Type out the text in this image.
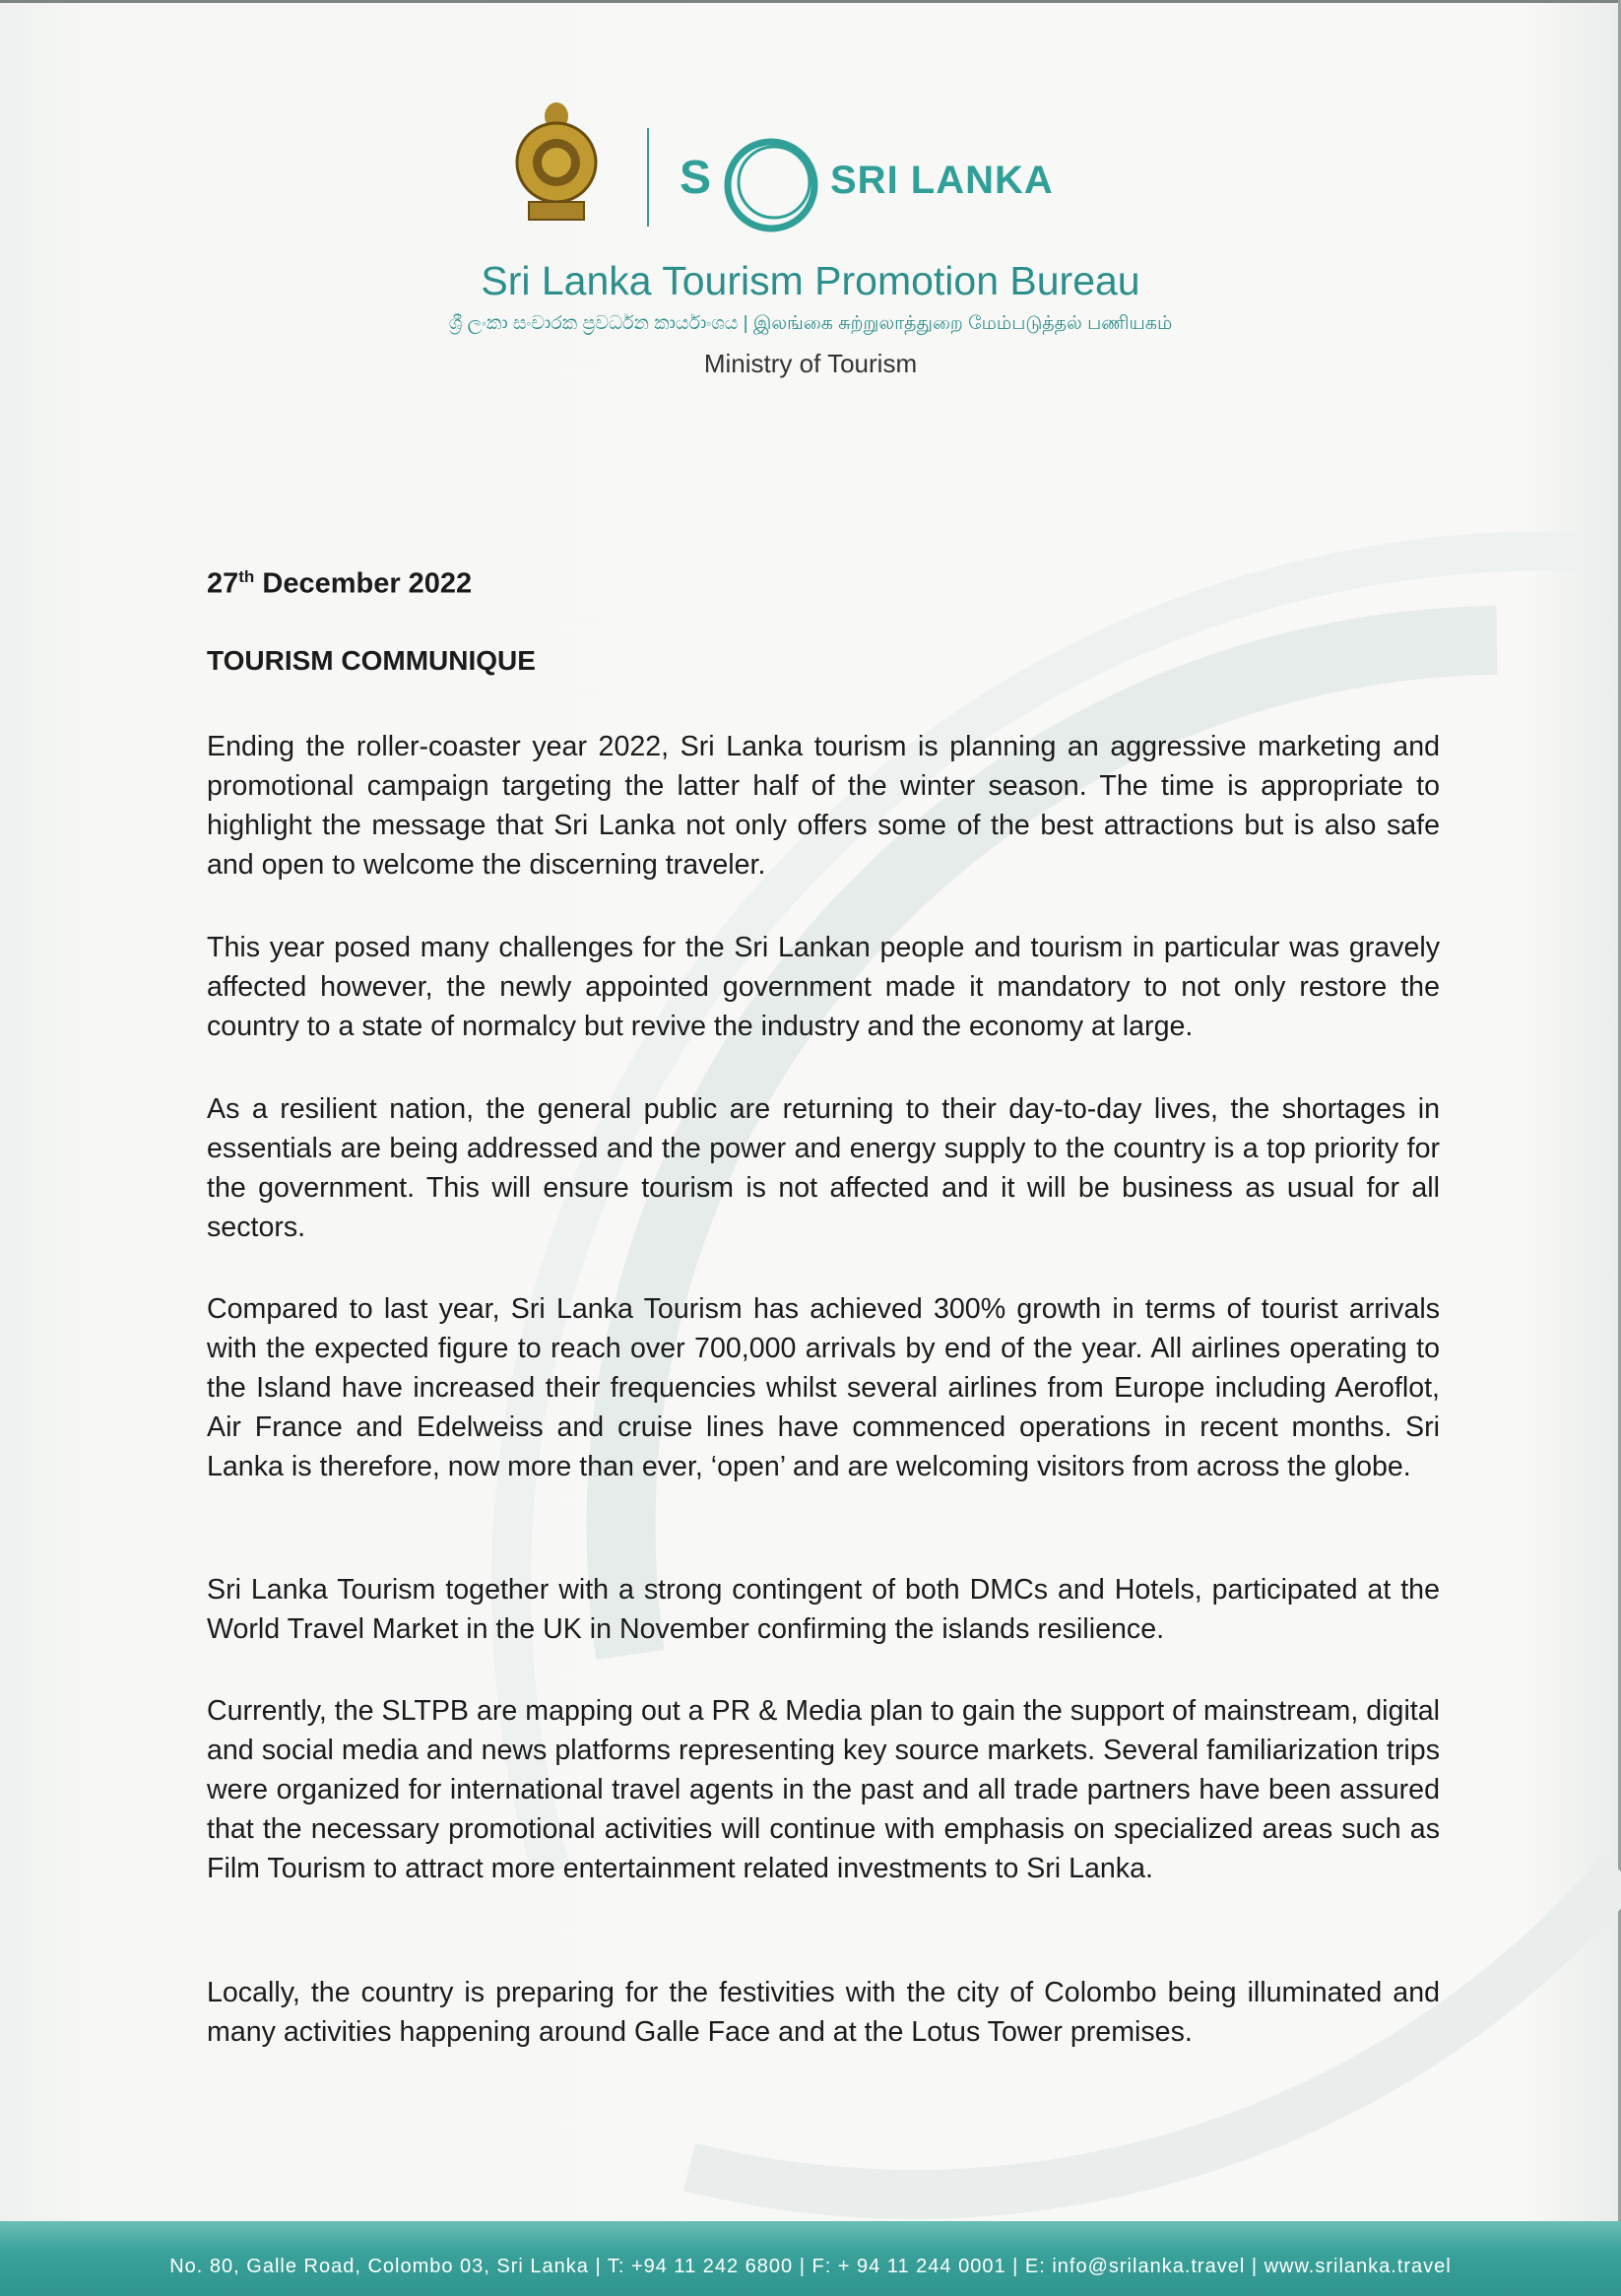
S	SRI LANKA
Sri Lanka Tourism Promotion Bureau
ශ්‍රී ලංකා සංචාරක ප්‍රවර්ධන කාර්යාංශය | இலங்கை சுற்றுலாத்துறை மேம்படுத்தல் பணியகம்
Ministry of Tourism
27th December 2022
TOURISM COMMUNIQUE

Ending the roller-coaster year 2022, Sri Lanka tourism is planning an aggressive marketing and promotional campaign targeting the latter half of the winter season. The time is appropriate to highlight the message that Sri Lanka not only offers some of the best attractions but is also safe and open to welcome the discerning traveler.

This year posed many challenges for the Sri Lankan people and tourism in particular was gravely affected however, the newly appointed government made it mandatory to not only restore the country to a state of normalcy but revive the industry and the economy at large.

As a resilient nation, the general public are returning to their day-to-day lives, the shortages in essentials are being addressed and the power and energy supply to the country is a top priority for the government. This will ensure tourism is not affected and it will be business as usual for all sectors.

Compared to last year, Sri Lanka Tourism has achieved 300% growth in terms of tourist arrivals with the expected figure to reach over 700,000 arrivals by end of the year. All airlines operating to the Island have increased their frequencies whilst several airlines from Europe including Aeroflot, Air France and Edelweiss and cruise lines have commenced operations in recent months. Sri Lanka is therefore, now more than ever, ‘open’ and are welcoming visitors from across the globe.

Sri Lanka Tourism together with a strong contingent of both DMCs and Hotels, participated at the World Travel Market in the UK in November confirming the islands resilience.

Currently, the SLTPB are mapping out a PR & Media plan to gain the support of mainstream, digital and social media and news platforms representing key source markets. Several familiarization trips were organized for international travel agents in the past and all trade partners have been assured that the necessary promotional activities will continue with emphasis on specialized areas such as Film Tourism to attract more entertainment related investments to Sri Lanka.

Locally, the country is preparing for the festivities with the city of Colombo being illuminated and many activities happening around Galle Face and at the Lotus Tower premises.

No. 80, Galle Road, Colombo 03, Sri Lanka | T: +94 11 242 6800 | F: + 94 11 244 0001 | E: info@srilanka.travel | www.srilanka.travel
